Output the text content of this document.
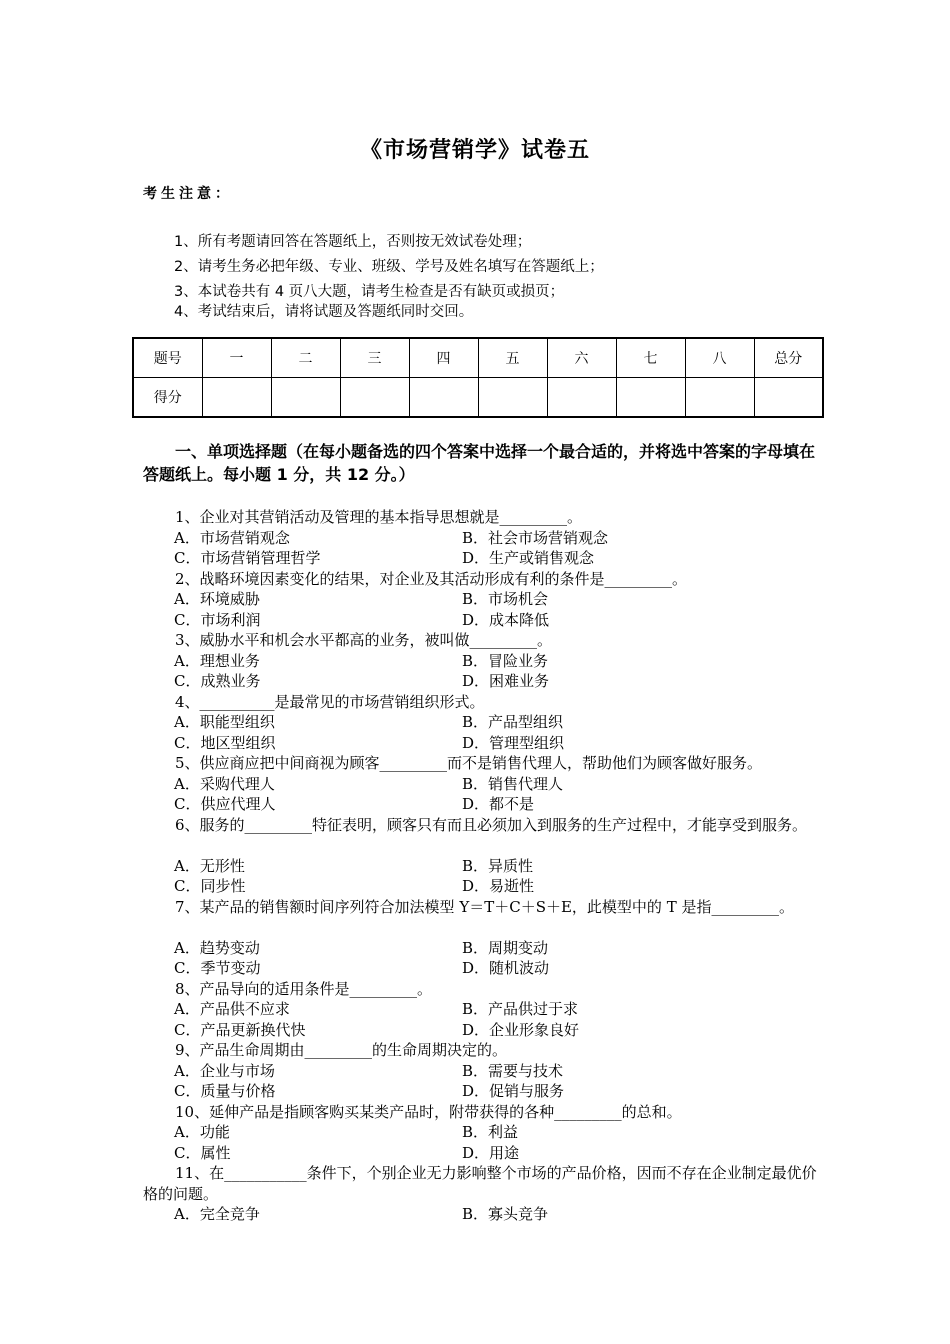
《市场营销学》试卷五
考生注意：
1、所有考题请回答在答题纸上，否则按无效试卷处理；
2、请考生务必把年级、专业、班级、学号及姓名填写在答题纸上；
3、本试卷共有 4 页八大题，请考生检查是否有缺页或损页；
4、考试结束后，请将试题及答题纸同时交回。
题号	一	二	三	四	五	六	七	八	总分
得分									
一、单项选择题（在每小题备选的四个答案中选择一个最合适的，并将选中答案的字母填在答题纸上。每小题 1 分，共 12 分。）
1、企业对其营销活动及管理的基本指导思想就是_________。
A．市场营销观念	B．社会市场营销观念
C．市场营销管理哲学	D．生产或销售观念
2、战略环境因素变化的结果，对企业及其活动形成有利的条件是_________。
A．环境威胁	B．市场机会
C．市场利润	D．成本降低
3、威胁水平和机会水平都高的业务，被叫做_________。
A．理想业务	B．冒险业务
C．成熟业务	D．困难业务
4、__________是最常见的市场营销组织形式。
A．职能型组织	B．产品型组织
C．地区型组织	D．管理型组织
5、供应商应把中间商视为顾客_________而不是销售代理人，帮助他们为顾客做好服务。
A．采购代理人	B．销售代理人
C．供应代理人	D．都不是
6、服务的_________特征表明，顾客只有而且必须加入到服务的生产过程中，才能享受到服务。
A．无形性	B．异质性
C．同步性	D．易逝性
7、某产品的销售额时间序列符合加法模型 Y＝T＋C＋S＋E，此模型中的 T 是指_________。
A．趋势变动	B．周期变动
C．季节变动	D．随机波动
8、产品导向的适用条件是_________。
A．产品供不应求	B．产品供过于求
C．产品更新换代快	D．企业形象良好
9、产品生命周期由_________的生命周期决定的。
A．企业与市场	B．需要与技术
C．质量与价格	D．促销与服务
10、延伸产品是指顾客购买某类产品时，附带获得的各种_________的总和。
A．功能	B．利益
C．属性	D．用途
11、在___________条件下，个别企业无力影响整个市场的产品价格，因而不存在企业制定最优价格的问题。
A．完全竞争	B．寡头竞争
